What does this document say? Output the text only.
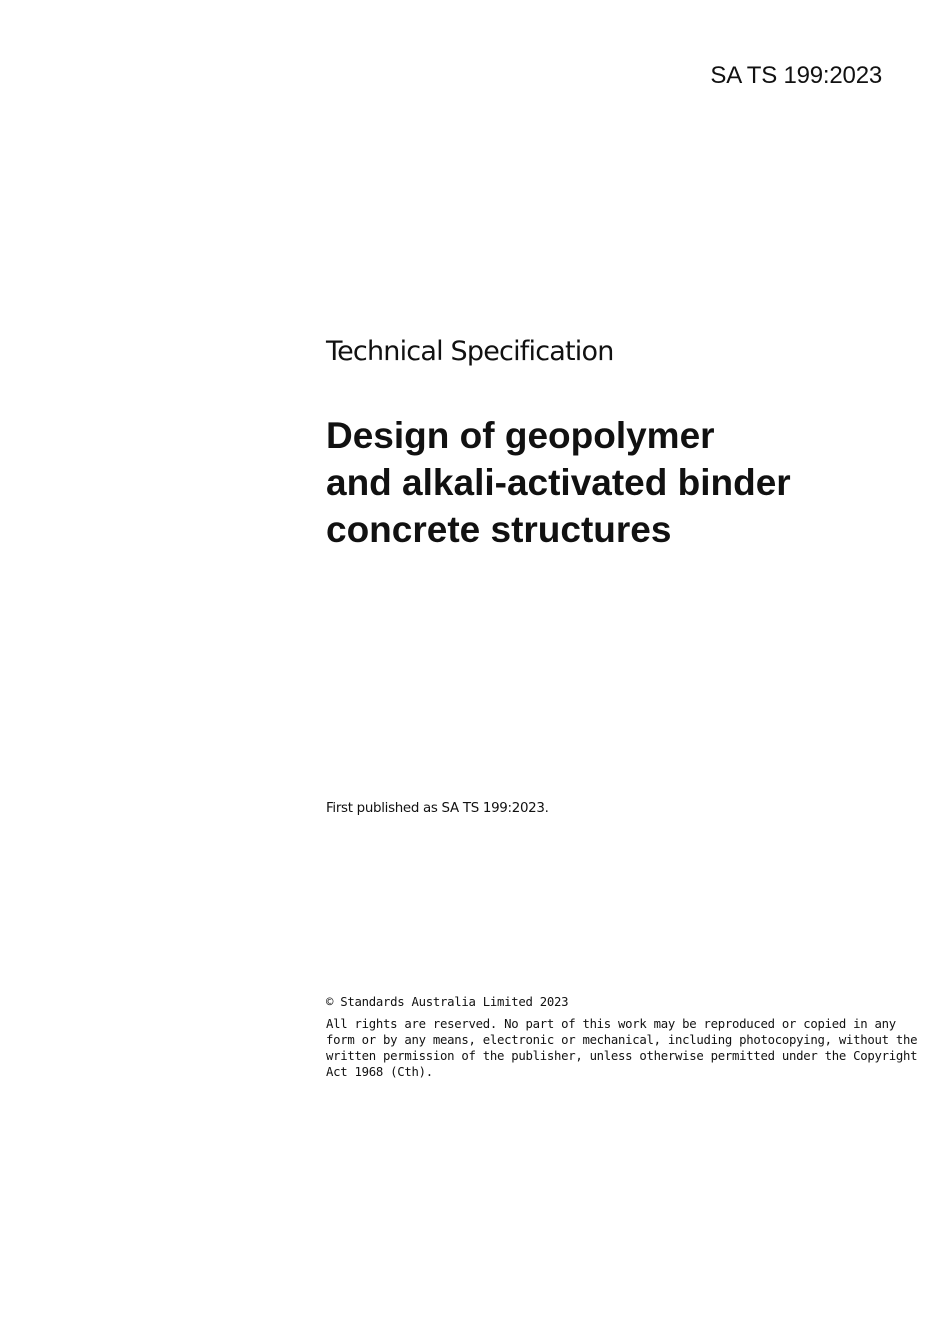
SA TS 199:2023
Technical Specification
Design of geopolymer
and alkali-activated binder
concrete structures
First published as SA TS 199:2023.

© Standards Australia Limited 2023

All rights are reserved. No part of this work may be reproduced or copied in any
form or by any means, electronic or mechanical, including photocopying, without the
written permission of the publisher, unless otherwise permitted under the Copyright
Act 1968 (Cth).
